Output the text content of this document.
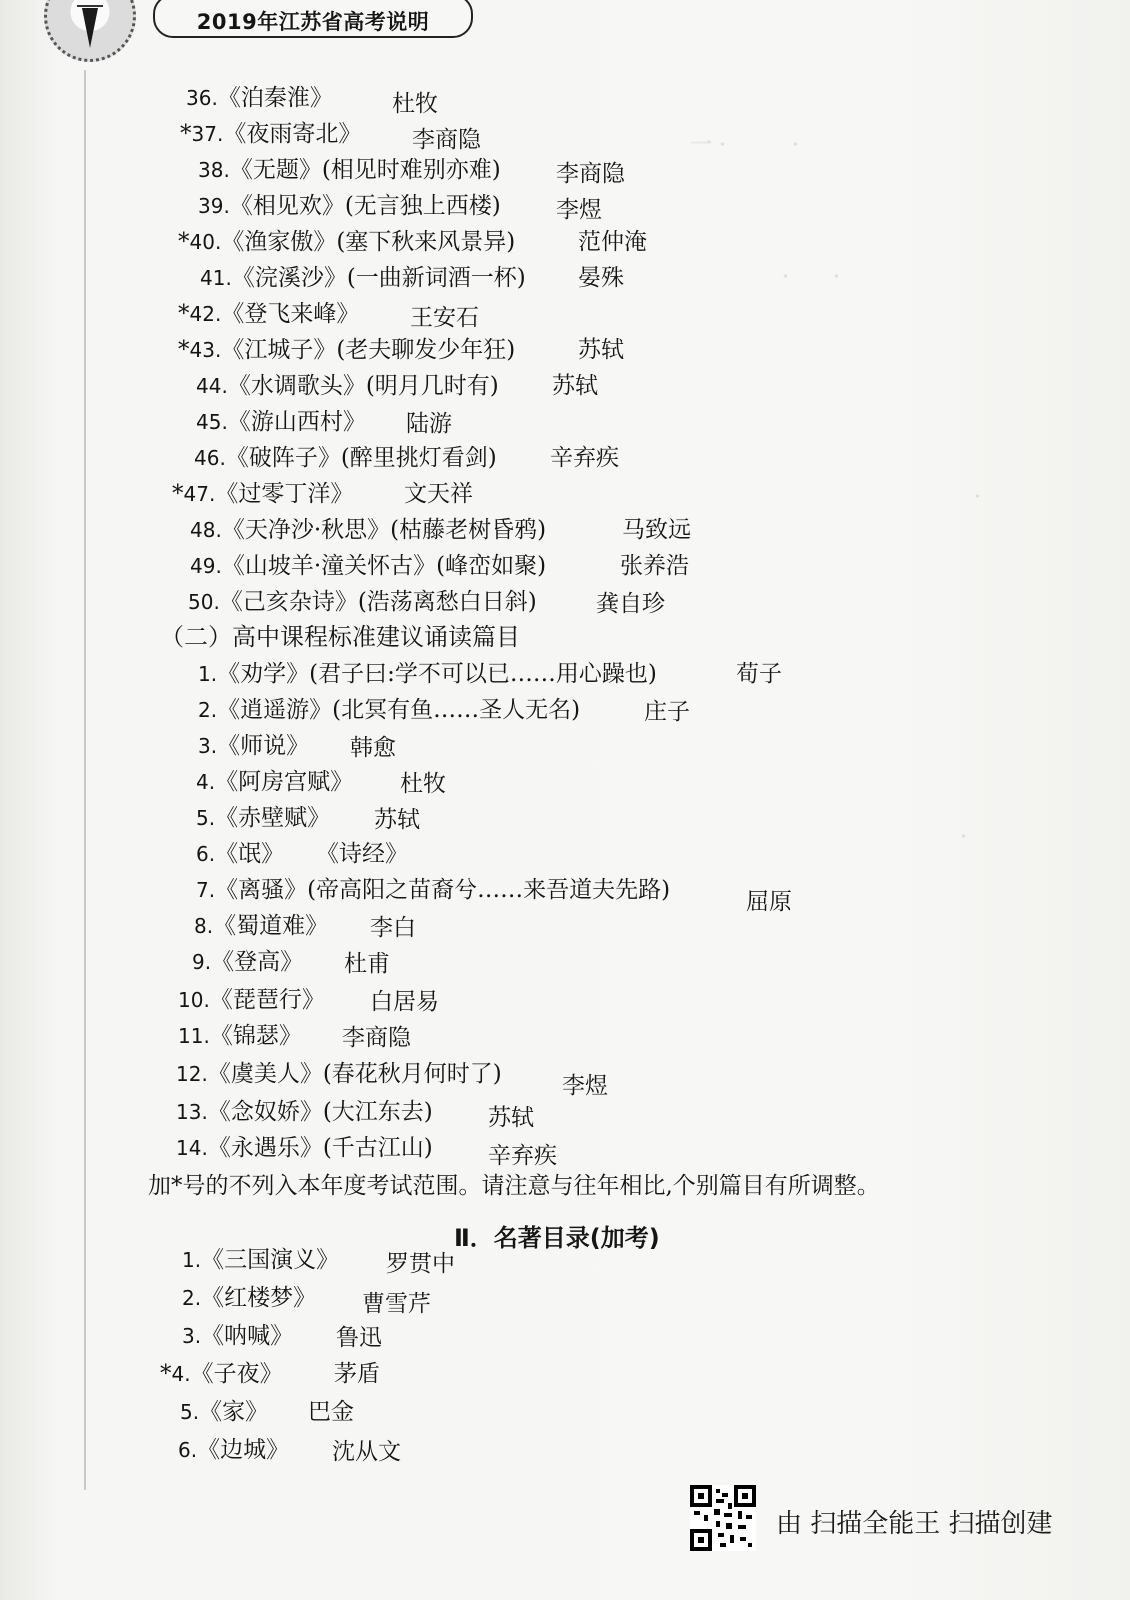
一 ·　　　·　　
　·　　·
　　·
·　　
2019年江苏省高考说明
36.《泊秦淮》	杜牧
*37.《夜雨寄北》 李商隐
38.《无题》(相见时难别亦难) 李商隐
39.《相见欢》(无言独上西楼) 李煜
*40.《渔家傲》(塞下秋来风景异)	范仲淹
41.《浣溪沙》(一曲新词酒一杯) 晏殊
*42.《登飞来峰》 王安石
*43.《江城子》(老夫聊发少年狂)	苏轼
44.《水调歌头》(明月几时有) 苏轼
45.《游山西村》 陆游
46.《破阵子》(醉里挑灯看剑) 辛弃疾
*47.《过零丁洋》 文天祥
48.《天净沙·秋思》(枯藤老树昏鸦)	马致远
49.《山坡羊·潼关怀古》(峰峦如聚)	张养浩
50.《己亥杂诗》(浩荡离愁白日斜)	龚自珍
（二）高中课程标准建议诵读篇目
1.《劝学》(君子曰:学不可以已……用心躁也)	荀子
2.《逍遥游》(北冥有鱼……圣人无名)	庄子
3.《师说》 韩愈
4.《阿房宫赋》 杜牧
5.《赤壁赋》 苏轼
6.《氓》 《诗经》
7.《离骚》(帝高阳之苗裔兮……来吾道夫先路)	屈原
8.《蜀道难》 李白
9.《登高》 杜甫
10.《琵琶行》 白居易
11.《锦瑟》 李商隐
12.《虞美人》(春花秋月何时了)	李煜
13.《念奴娇》(大江东去) 苏轼
14.《永遇乐》(千古江山) 辛弃疾
加*号的不列入本年度考试范围。请注意与往年相比,个别篇目有所调整。
Ⅱ．名著目录(加考)
1.《三国演义》 罗贯中
2.《红楼梦》 曹雪芹
3.《呐喊》 鲁迅
*4.《子夜》 茅盾
5.《家》 巴金
6.《边城》 沈从文
由 扫描全能王 扫描创建
